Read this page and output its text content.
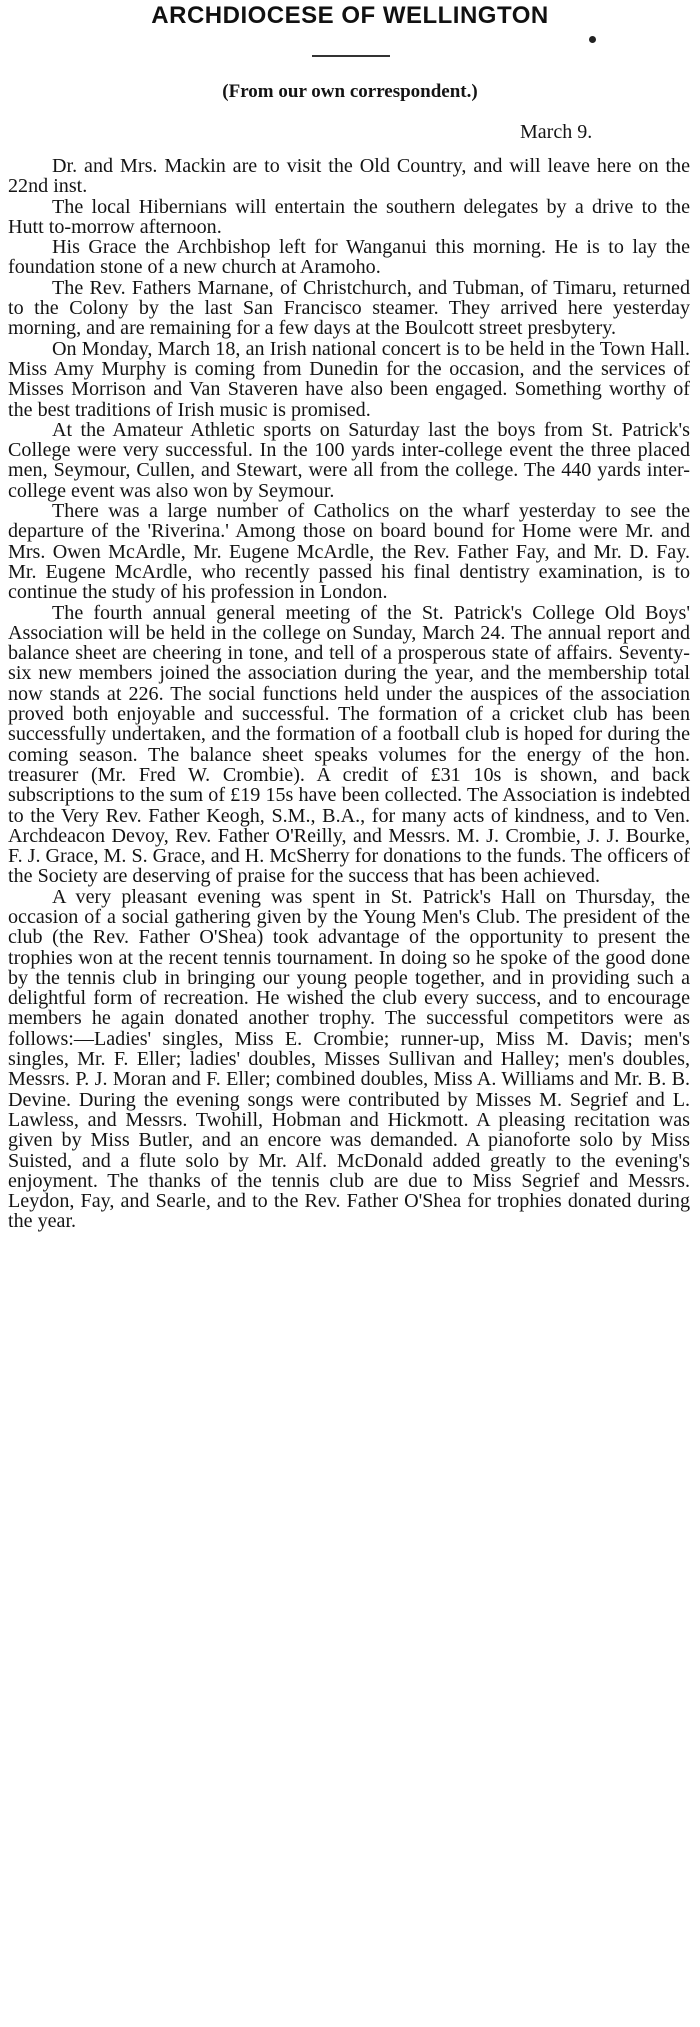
ARCHDIOCESE OF WELLINGTON
(From our own correspondent.)
March 9.

Dr. and Mrs. Mackin are to visit the Old Country, and will leave here on the 22nd inst.

The local Hibernians will entertain the southern delegates by a drive to the Hutt to-morrow afternoon.

His Grace the Archbishop left for Wanganui this morning. He is to lay the foundation stone of a new church at Aramoho.

The Rev. Fathers Marnane, of Christchurch, and Tubman, of Timaru, returned to the Colony by the last San Francisco steamer. They arrived here yesterday morning, and are remaining for a few days at the Boulcott street presbytery.

On Monday, March 18, an Irish national concert is to be held in the Town Hall. Miss Amy Murphy is coming from Dunedin for the occasion, and the services of Misses Morrison and Van Staveren have also been engaged. Something worthy of the best traditions of Irish music is promised.

At the Amateur Athletic sports on Saturday last the boys from St. Patrick's College were very successful. In the 100 yards inter-college event the three placed men, Seymour, Cullen, and Stewart, were all from the college. The 440 yards inter-college event was also won by Seymour.

There was a large number of Catholics on the wharf yesterday to see the departure of the 'Riverina.' Among those on board bound for Home were Mr. and Mrs. Owen McArdle, Mr. Eugene McArdle, the Rev. Father Fay, and Mr. D. Fay. Mr. Eugene McArdle, who recently passed his final dentistry examination, is to continue the study of his profession in London.

The fourth annual general meeting of the St. Patrick's College Old Boys' Association will be held in the college on Sunday, March 24. The annual report and balance sheet are cheering in tone, and tell of a prosperous state of affairs. Seventy-six new members joined the association during the year, and the membership total now stands at 226. The social functions held under the auspices of the association proved both enjoyable and successful. The formation of a cricket club has been successfully undertaken, and the formation of a football club is hoped for during the coming season. The balance sheet speaks volumes for the energy of the hon. treasurer (Mr. Fred W. Crombie). A credit of £31 10s is shown, and back subscriptions to the sum of £19 15s have been collected. The Association is indebted to the Very Rev. Father Keogh, S.M., B.A., for many acts of kindness, and to Ven. Archdeacon Devoy, Rev. Father O'Reilly, and Messrs. M. J. Crombie, J. J. Bourke, F. J. Grace, M. S. Grace, and H. McSherry for donations to the funds. The officers of the Society are deserving of praise for the success that has been achieved.

A very pleasant evening was spent in St. Patrick's Hall on Thursday, the occasion of a social gathering given by the Young Men's Club. The president of the club (the Rev. Father O'Shea) took advantage of the opportunity to present the trophies won at the recent tennis tournament. In doing so he spoke of the good done by the tennis club in bringing our young people together, and in providing such a delightful form of recreation. He wished the club every success, and to encourage members he again donated another trophy. The successful competitors were as follows:—Ladies' singles, Miss E. Crombie; runner-up, Miss M. Davis; men's singles, Mr. F. Eller; ladies' doubles, Misses Sullivan and Halley; men's doubles, Messrs. P. J. Moran and F. Eller; combined doubles, Miss A. Williams and Mr. B. B. Devine. During the evening songs were contributed by Misses M. Segrief and L. Lawless, and Messrs. Twohill, Hobman and Hickmott. A pleasing recitation was given by Miss Butler, and an encore was demanded. A pianoforte solo by Miss Suisted, and a flute solo by Mr. Alf. McDonald added greatly to the evening's enjoyment. The thanks of the tennis club are due to Miss Segrief and Messrs. Leydon, Fay, and Searle, and to the Rev. Father O'Shea for trophies donated during the year.
